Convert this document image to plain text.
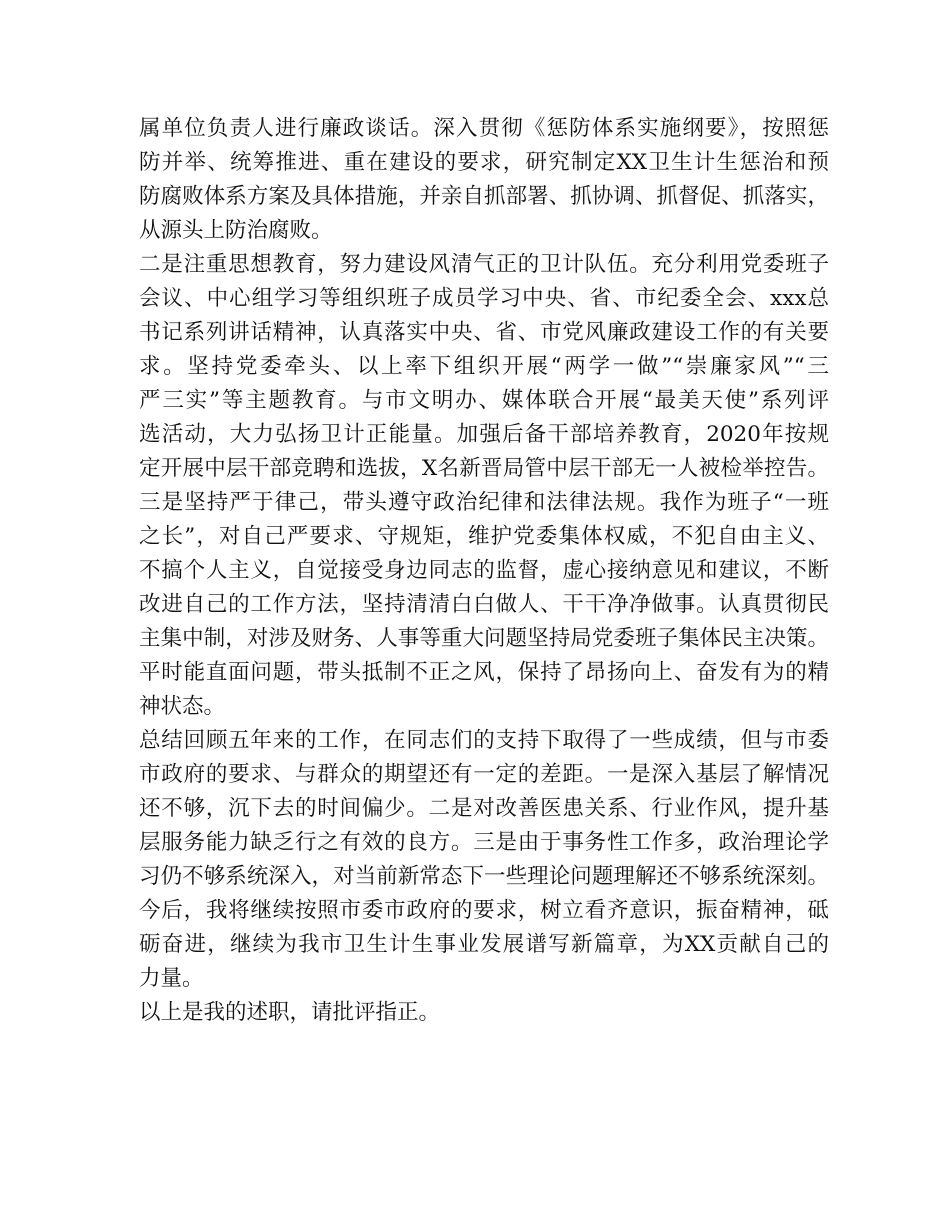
属单位负责人进行廉政谈话。深入贯彻《惩防体系实施纲要》，按照惩
防并举、统筹推进、重在建设的要求，研究制定XX卫生计生惩治和预
防腐败体系方案及具体措施，并亲自抓部署、抓协调、抓督促、抓落实，
从源头上防治腐败。
二是注重思想教育，努力建设风清气正的卫计队伍。充分利用党委班子
会议、中心组学习等组织班子成员学习中央、省、市纪委全会、xxx总
书记系列讲话精神，认真落实中央、省、市党风廉政建设工作的有关要
求。坚持党委牵头、以上率下组织开展“两学一做”“崇廉家风”“三
严三实”等主题教育。与市文明办、媒体联合开展“最美天使”系列评
选活动，大力弘扬卫计正能量。加强后备干部培养教育，2020年按规
定开展中层干部竞聘和选拔，X名新晋局管中层干部无一人被检举控告。
三是坚持严于律己，带头遵守政治纪律和法律法规。我作为班子“一班
之长”，对自己严要求、守规矩，维护党委集体权威，不犯自由主义、
不搞个人主义，自觉接受身边同志的监督，虚心接纳意见和建议，不断
改进自己的工作方法，坚持清清白白做人、干干净净做事。认真贯彻民
主集中制，对涉及财务、人事等重大问题坚持局党委班子集体民主决策。
平时能直面问题，带头抵制不正之风，保持了昂扬向上、奋发有为的精
神状态。
总结回顾五年来的工作，在同志们的支持下取得了一些成绩，但与市委
市政府的要求、与群众的期望还有一定的差距。一是深入基层了解情况
还不够，沉下去的时间偏少。二是对改善医患关系、行业作风，提升基
层服务能力缺乏行之有效的良方。三是由于事务性工作多，政治理论学
习仍不够系统深入，对当前新常态下一些理论问题理解还不够系统深刻。
今后，我将继续按照市委市政府的要求，树立看齐意识，振奋精神，砥
砺奋进，继续为我市卫生计生事业发展谱写新篇章，为XX贡献自己的
力量。
以上是我的述职，请批评指正。
